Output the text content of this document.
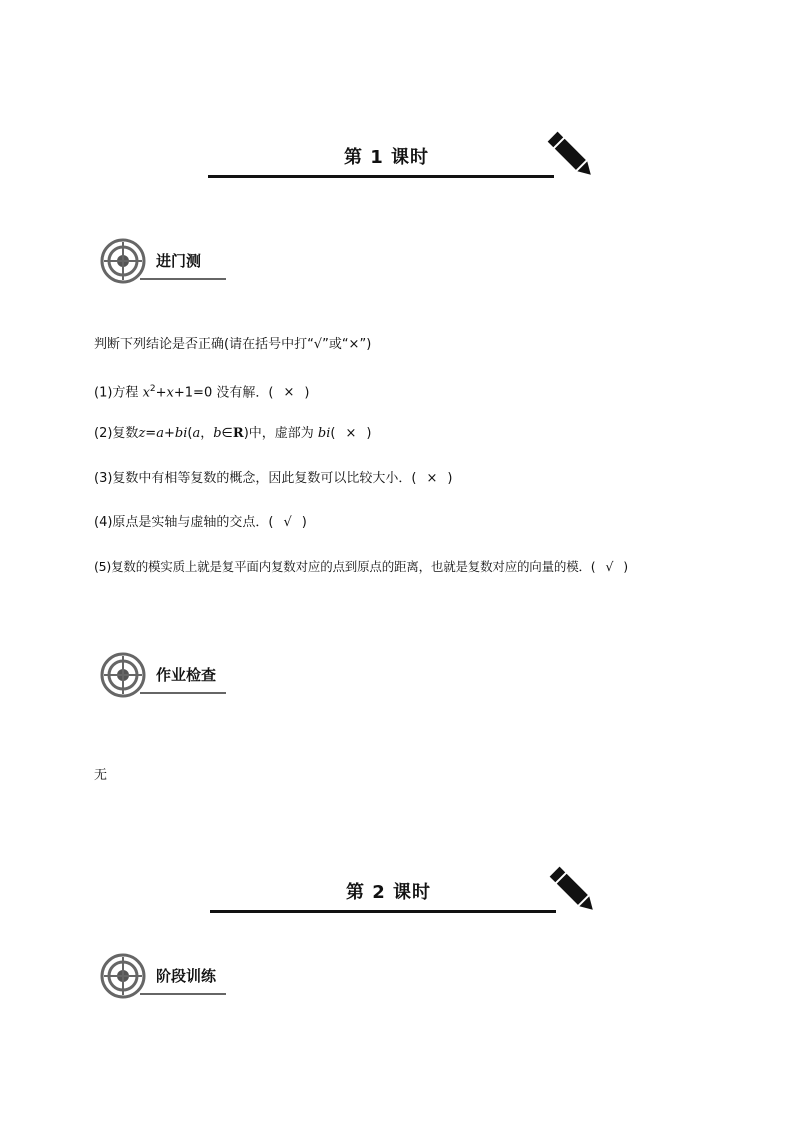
第 1 课时
进门测
判断下列结论是否正确(请在括号中打“√”或“×”)
(1)方程 $x^2+x+1=0$ 没有解．( × )
(2)复数z=a+bi(a，b∈R)中，虚部为 bi( × )
(3)复数中有相等复数的概念，因此复数可以比较大小．( × )
(4)原点是实轴与虚轴的交点．( √ )
(5)复数的模实质上就是复平面内复数对应的点到原点的距离，也就是复数对应的向量的模．( √ )
作业检查
无
第 2 课时
阶段训练
